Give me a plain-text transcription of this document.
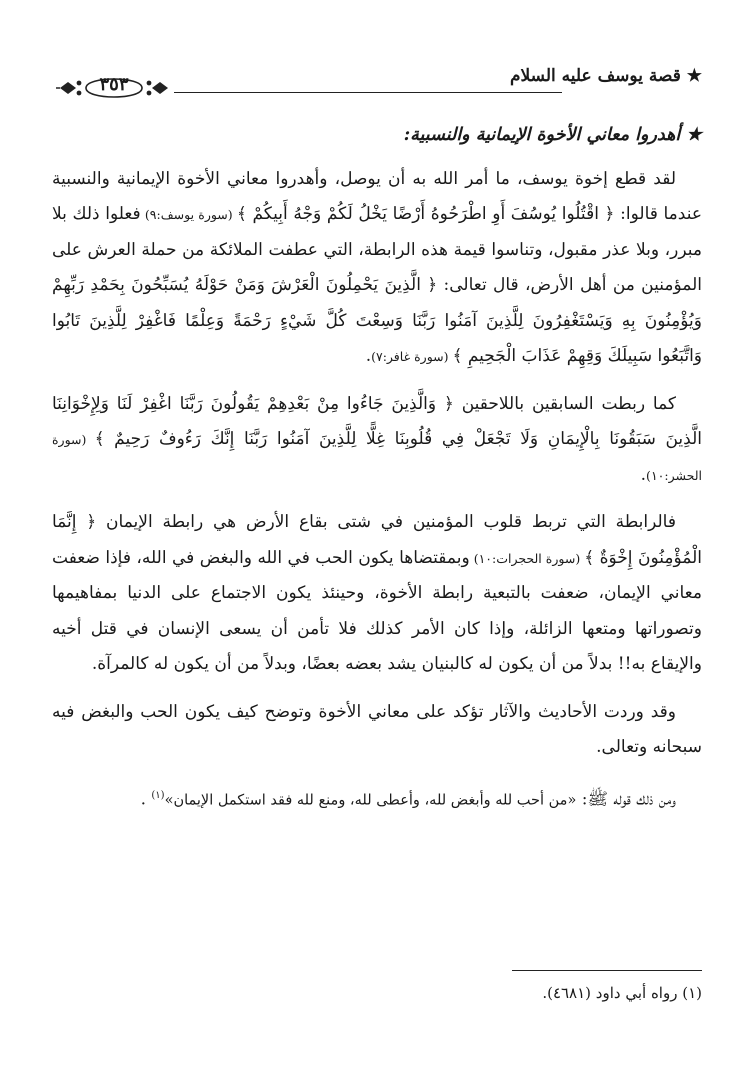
★ قصة يوسف عليه السلام
٣٥٣

★ أهدروا معاني الأخوة الإيمانية والنسبية:

لقد قطع إخوة يوسف، ما أمر الله به أن يوصل، وأهدروا معاني الأخوة الإيمانية والنسبية عندما قالوا: ﴿ اقْتُلُوا يُوسُفَ أَوِ اطْرَحُوهُ أَرْضًا يَخْلُ لَكُمْ وَجْهُ أَبِيكُمْ ﴾ (سورة يوسف:٩) فعلوا ذلك بلا مبرر، وبلا عذر مقبول، وتناسوا قيمة هذه الرابطة، التي عطفت الملائكة من حملة العرش على المؤمنين من أهل الأرض، قال تعالى: ﴿ الَّذِينَ يَحْمِلُونَ الْعَرْشَ وَمَنْ حَوْلَهُ يُسَبِّحُونَ بِحَمْدِ رَبِّهِمْ وَيُؤْمِنُونَ بِهِ وَيَسْتَغْفِرُونَ لِلَّذِينَ آمَنُوا رَبَّنَا وَسِعْتَ كُلَّ شَيْءٍ رَحْمَةً وَعِلْمًا فَاغْفِرْ لِلَّذِينَ تَابُوا وَاتَّبَعُوا سَبِيلَكَ وَقِهِمْ عَذَابَ الْجَحِيمِ ﴾ (سورة غافر:٧).

كما ربطت السابقين باللاحقين ﴿ وَالَّذِينَ جَاءُوا مِنْ بَعْدِهِمْ يَقُولُونَ رَبَّنَا اغْفِرْ لَنَا وَلِإِخْوَانِنَا الَّذِينَ سَبَقُونَا بِالْإِيمَانِ وَلَا تَجْعَلْ فِي قُلُوبِنَا غِلًّا لِلَّذِينَ آمَنُوا رَبَّنَا إِنَّكَ رَءُوفٌ رَحِيمٌ ﴾ (سورة الحشر:١٠).

فالرابطة التي تربط قلوب المؤمنين في شتى بقاع الأرض هي رابطة الإيمان ﴿ إِنَّمَا الْمُؤْمِنُونَ إِخْوَةٌ ﴾ (سورة الحجرات:١٠) وبمقتضاها يكون الحب في الله والبغض في الله، فإذا ضعفت معاني الإيمان، ضعفت بالتبعية رابطة الأخوة، وحينئذ يكون الاجتماع على الدنيا بمفاهيمها وتصوراتها ومتعها الزائلة، وإذا كان الأمر كذلك فلا تأمن أن يسعى الإنسان في قتل أخيه والإيقاع به!! بدلاً من أن يكون له كالبنيان يشد بعضه بعضًا، وبدلاً من أن يكون له كالمرآة.

وقد وردت الأحاديث والآثار تؤكد على معاني الأخوة وتوضح كيف يكون الحب والبغض فيه سبحانه وتعالى.

ومن ذلك قوله ﷺ: «من أحب لله وأبغض لله، وأعطى لله، ومنع لله فقد استكمل الإيمان»$^{(١)}$ .

(١) رواه أبي داود (٤٦٨١).
